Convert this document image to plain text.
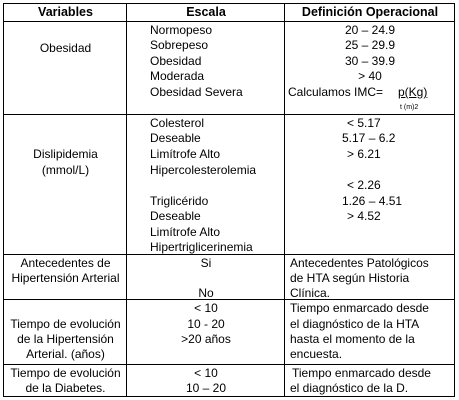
Variables	Escala	Definición Operacional
Obesidad
Normopeso
Sobrepeso
Obesidad
Moderada
Obesidad Severa
20 – 24.9
25 – 29.9
30 – 39.9
> 40
Calculamos IMC= p(Kg)
t (m)2
Dislipidemia
(mmol/L)
Colesterol
Deseable
Limítrofe Alto
Hipercolesterolemia
Triglicérido
Deseable
Limítrofe Alto
Hipertriglicerinemia
< 5.17
5.17 – 6.2
> 6.21
< 2.26
1.26 – 4.51
> 4.52
Antecedentes de
Hipertensión Arterial
Si
No
Antecedentes Patológicos
de HTA según Historia
Clínica.
Tiempo de evolución
de la Hipertensión
Arterial. (años)
< 10
10 - 20
>20 años
Tiempo enmarcado desde
el diagnóstico de la HTA
hasta el momento de la
encuesta.
Tiempo de evolución
de la Diabetes.
< 10
10 – 20
Tiempo enmarcado desde
el diagnóstico de la D.
